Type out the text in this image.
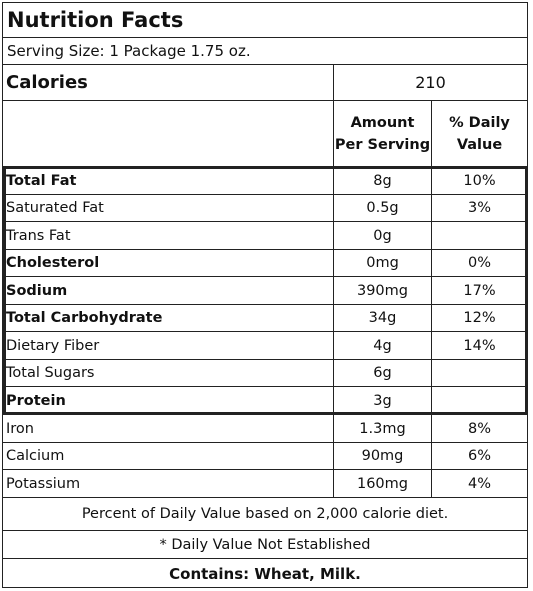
Nutrition Facts
Serving Size: 1 Package 1.75 oz.
Calories	210
Amount
Per Serving
% Daily
Value
Total Fat	8g	10%
Saturated Fat	0.5g	3%
Trans Fat	0g
Cholesterol	0mg	0%
Sodium	390mg	17%
Total Carbohydrate	34g	12%
Dietary Fiber	4g	14%
Total Sugars	6g
Protein	3g
Iron	1.3mg	8%
Calcium	90mg	6%
Potassium	160mg	4%
Percent of Daily Value based on 2,000 calorie diet.
* Daily Value Not Established
Contains: Wheat, Milk.
